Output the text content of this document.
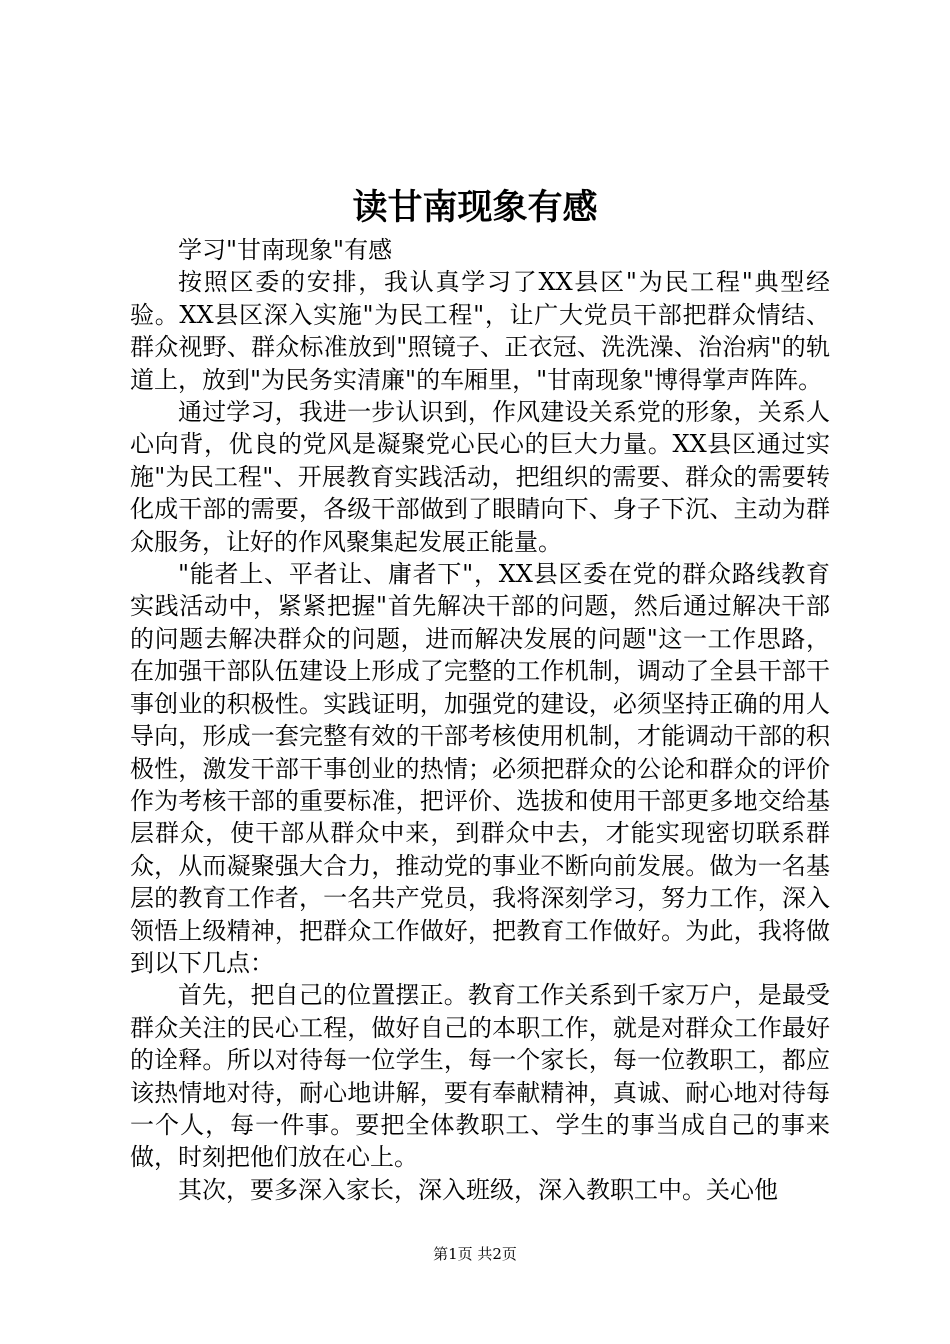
读甘南现象有感

学习"甘南现象"有感

按照区委的安排，我认真学习了XX县区"为民工程"典型经验。XX县区深入实施"为民工程"，让广大党员干部把群众情结、群众视野、群众标准放到"照镜子、正衣冠、洗洗澡、治治病"的轨道上，放到"为民务实清廉"的车厢里，"甘南现象"博得掌声阵阵。

通过学习，我进一步认识到，作风建设关系党的形象，关系人心向背，优良的党风是凝聚党心民心的巨大力量。XX县区通过实施"为民工程"、开展教育实践活动，把组织的需要、群众的需要转化成干部的需要，各级干部做到了眼睛向下、身子下沉、主动为群众服务，让好的作风聚集起发展正能量。

"能者上、平者让、庸者下"，XX县区委在党的群众路线教育实践活动中，紧紧把握"首先解决干部的问题，然后通过解决干部的问题去解决群众的问题，进而解决发展的问题"这一工作思路，在加强干部队伍建设上形成了完整的工作机制，调动了全县干部干事创业的积极性。实践证明，加强党的建设，必须坚持正确的用人导向，形成一套完整有效的干部考核使用机制，才能调动干部的积极性，激发干部干事创业的热情；必须把群众的公论和群众的评价作为考核干部的重要标准，把评价、选拔和使用干部更多地交给基层群众，使干部从群众中来，到群众中去，才能实现密切联系群众，从而凝聚强大合力，推动党的事业不断向前发展。做为一名基层的教育工作者，一名共产党员，我将深刻学习，努力工作，深入领悟上级精神，把群众工作做好，把教育工作做好。为此，我将做到以下几点：

首先，把自己的位置摆正。教育工作关系到千家万户，是最受群众关注的民心工程，做好自己的本职工作，就是对群众工作最好的诠释。所以对待每一位学生，每一个家长，每一位教职工，都应该热情地对待，耐心地讲解，要有奉献精神，真诚、耐心地对待每一个人，每一件事。要把全体教职工、学生的事当成自己的事来做，时刻把他们放在心上。

其次，要多深入家长，深入班级，深入教职工中。关心他

第1页 共2页
